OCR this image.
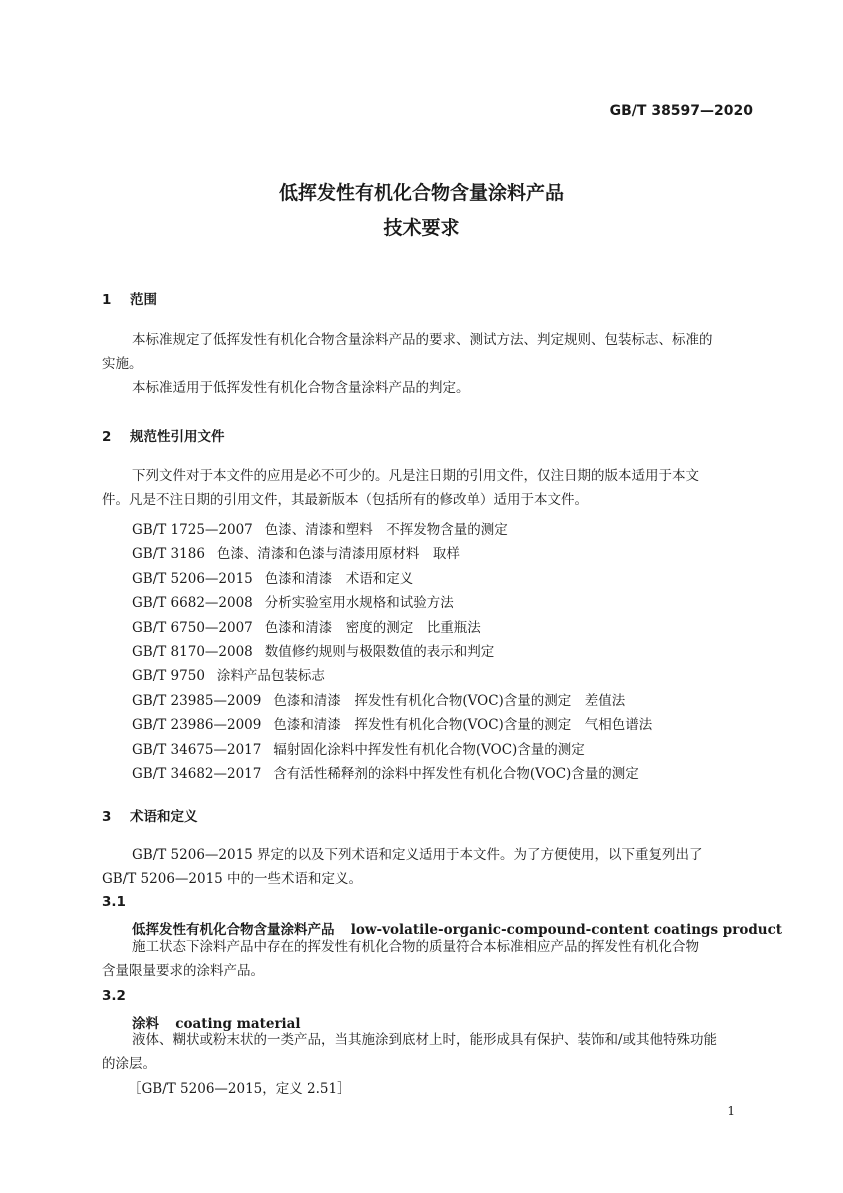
GB/T 38597—2020
低挥发性有机化合物含量涂料产品
技术要求
1 范围
本标准规定了低挥发性有机化合物含量涂料产品的要求、测试方法、判定规则、包装标志、标准的
实施。
本标准适用于低挥发性有机化合物含量涂料产品的判定。
2 规范性引用文件
下列文件对于本文件的应用是必不可少的。凡是注日期的引用文件，仅注日期的版本适用于本文
件。凡是不注日期的引用文件，其最新版本（包括所有的修改单）适用于本文件。
GB/T 1725—2007 色漆、清漆和塑料　不挥发物含量的测定
GB/T 3186 色漆、清漆和色漆与清漆用原材料　取样
GB/T 5206—2015 色漆和清漆　术语和定义
GB/T 6682—2008 分析实验室用水规格和试验方法
GB/T 6750—2007 色漆和清漆　密度的测定　比重瓶法
GB/T 8170—2008 数值修约规则与极限数值的表示和判定
GB/T 9750 涂料产品包装标志
GB/T 23985—2009 色漆和清漆　挥发性有机化合物(VOC)含量的测定　差值法
GB/T 23986—2009 色漆和清漆　挥发性有机化合物(VOC)含量的测定　气相色谱法
GB/T 34675—2017 辐射固化涂料中挥发性有机化合物(VOC)含量的测定
GB/T 34682—2017 含有活性稀释剂的涂料中挥发性有机化合物(VOC)含量的测定
3 术语和定义
GB/T 5206—2015 界定的以及下列术语和定义适用于本文件。为了方便使用，以下重复列出了
GB/T 5206—2015 中的一些术语和定义。
3.1
低挥发性有机化合物含量涂料产品 low-volatile-organic-compound-content coatings product
施工状态下涂料产品中存在的挥发性有机化合物的质量符合本标准相应产品的挥发性有机化合物
含量限量要求的涂料产品。
3.2
涂料 coating material
液体、糊状或粉末状的一类产品，当其施涂到底材上时，能形成具有保护、装饰和/或其他特殊功能
的涂层。
［GB/T 5206—2015，定义 2.51］
1
